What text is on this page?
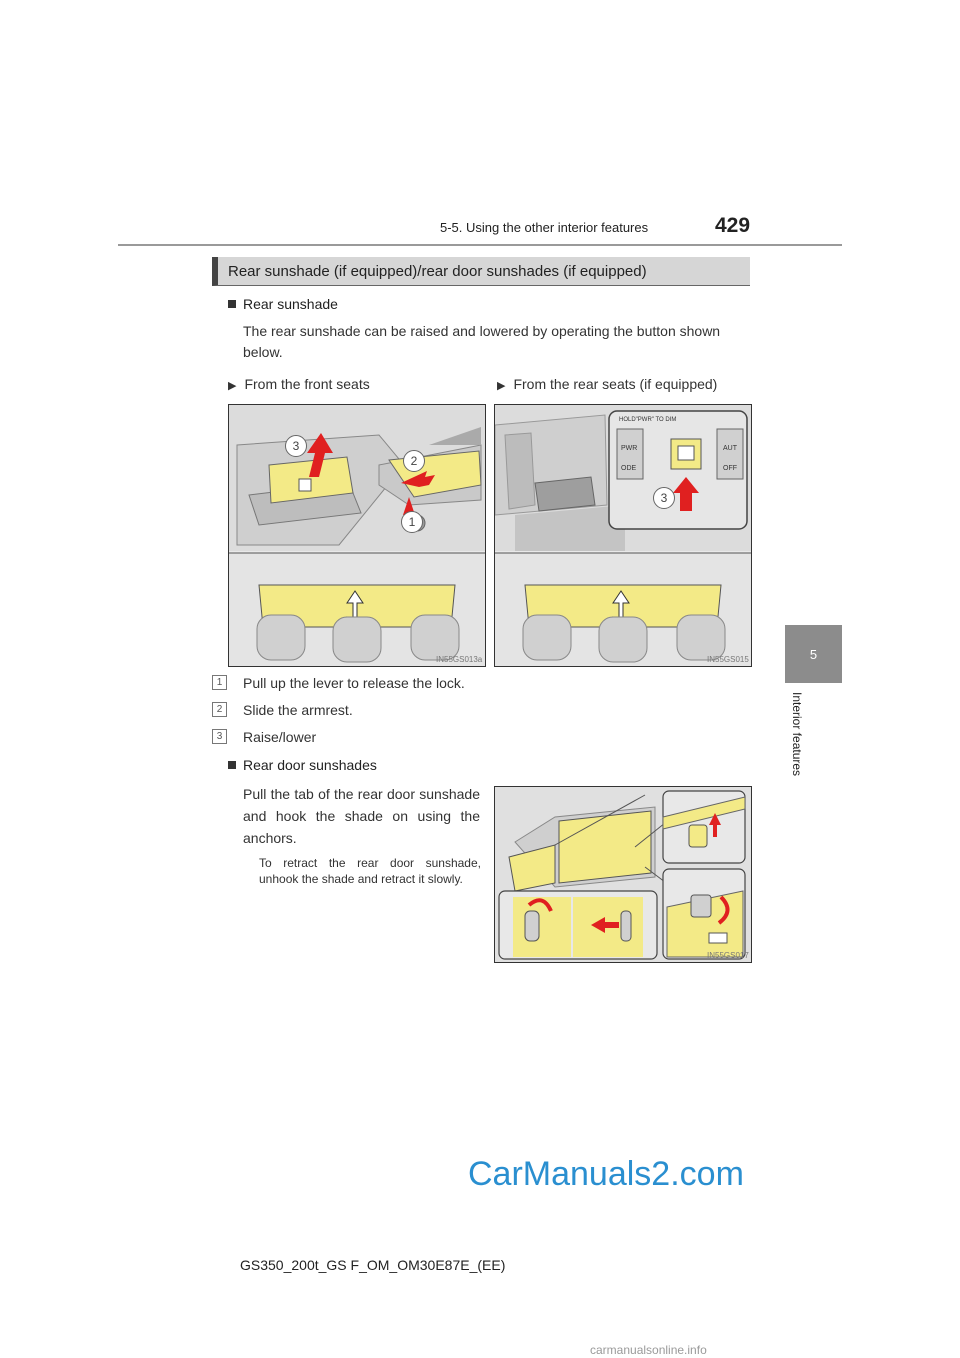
5-5. Using the other interior features	429
5
Interior features
Rear sunshade (if equipped)/rear door sunshades (if equipped)
Rear sunshade
The rear sunshade can be raised and lowered by operating the button shown below.
▶ From the front seats	▶ From the rear seats (if equipped)
3
2
1
IN55GS013a
HOLD"PWR" TO DIM
PWR
ODE
AUT
OFF
3
IN55GS015
1	Pull up the lever to release the lock.
2	Slide the armrest.
3	Raise/lower
Rear door sunshades
Pull the tab of the rear door sunshade and hook the shade on using the anchors.
To retract the rear door sunshade, unhook the shade and retract it slowly.
IN55GS017
CarManuals2.com
GS350_200t_GS F_OM_OM30E87E_(EE)
carmanualsonline.info
